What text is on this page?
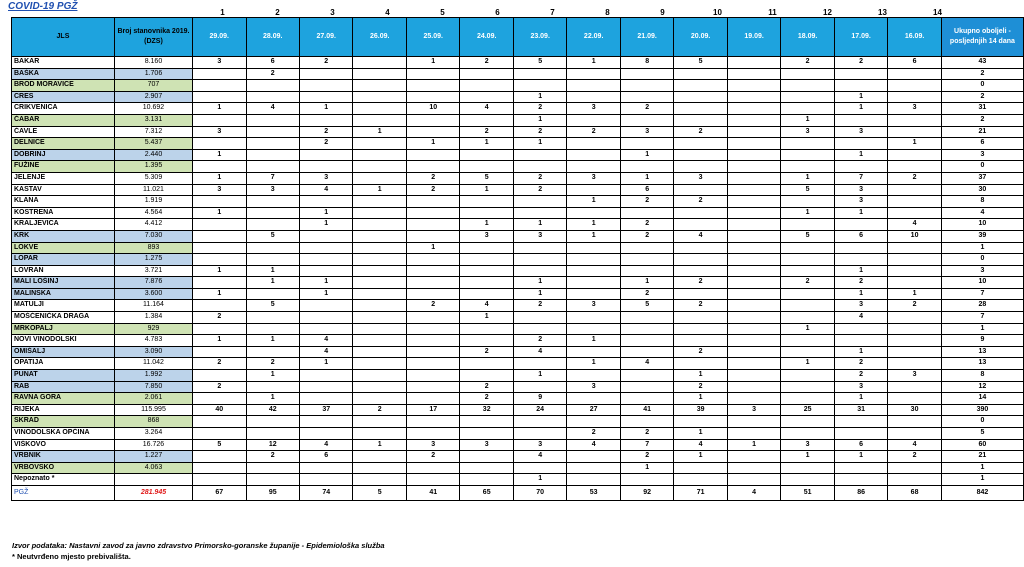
COVID-19 PGŽ
1	2	3	4	5	6	7	8	9	10	11	12	13	14
JLS	Broj stanovnika 2019. (DZS)	29.09.	28.09.	27.09.	26.09.	25.09.	24.09.	23.09.	22.09.	21.09.	20.09.	19.09.	18.09.	17.09.	16.09.	Ukupno oboljeli - posljednjih 14 dana
BAKAR	8.160	3	6	2		1	2	5	1	8	5		2	2	6	43
BAŠKA	1.706		2													2
BROD MORAVICE	707															0
CRES	2.907							1						1		2
CRIKVENICA	10.692	1	4	1		10	4	2	3	2				1	3	31
ČABAR	3.131							1					1			2
ČAVLE	7.312	3		2	1		2	2	2	3	2		3	3		21
DELNICE	5.437			2		1	1	1							1	6
DOBRINJ	2.440	1								1				1		3
FUŽINE	1.395															0
JELENJE	5.309	1	7	3		2	5	2	3	1	3		1	7	2	37
KASTAV	11.021	3	3	4	1	2	1	2		6			5	3		30
KLANA	1.919								1	2	2			3		8
KOSTRENA	4.564	1		1									1	1		4
KRALJEVICA	4.412			1			1	1	1	2					4	10
KRK	7.030		5				3	3	1	2	4		5	6	10	39
LOKVE	893					1										1
LOPAR	1.275															0
LOVRAN	3.721	1	1											1		3
MALI LOŠINJ	7.876		1	1				1		1	2		2	2		10
MALINSKA	3.600	1		1				1		2				1	1	7
MATULJI	11.164		5			2	4	2	3	5	2			3	2	28
MOŠĆENIČKA DRAGA	1.384	2					1							4		7
MRKOPALJ	929												1			1
NOVI VINODOLSKI	4.783	1	1	4				2	1							9
OMIŠALJ	3.090			4			2	4			2			1		13
OPATIJA	11.042	2	2	1					1	4			1	2		13
PUNAT	1.992		1					1			1			2	3	8
RAB	7.850	2					2		3		2			3		12
RAVNA GORA	2.061		1				2	9			1			1		14
RIJEKA	115.995	40	42	37	2	17	32	24	27	41	39	3	25	31	30	390
SKRAD	868															0
VINODOLSKA OPĆINA	3.264								2	2	1					5
VIŠKOVO	16.726	5	12	4	1	3	3	3	4	7	4	1	3	6	4	60
VRBNIK	1.227		2	6		2		4		2	1		1	1	2	21
VRBOVSKO	4.063									1						1
Nepoznato *								1								1
PGŽ	281.945	67	95	74	5	41	65	70	53	92	71	4	51	86	68	842
Izvor podataka: Nastavni zavod za javno zdravstvo Primorsko-goranske županije - Epidemiološka služba
* Neutvrđeno mjesto prebivališta.
